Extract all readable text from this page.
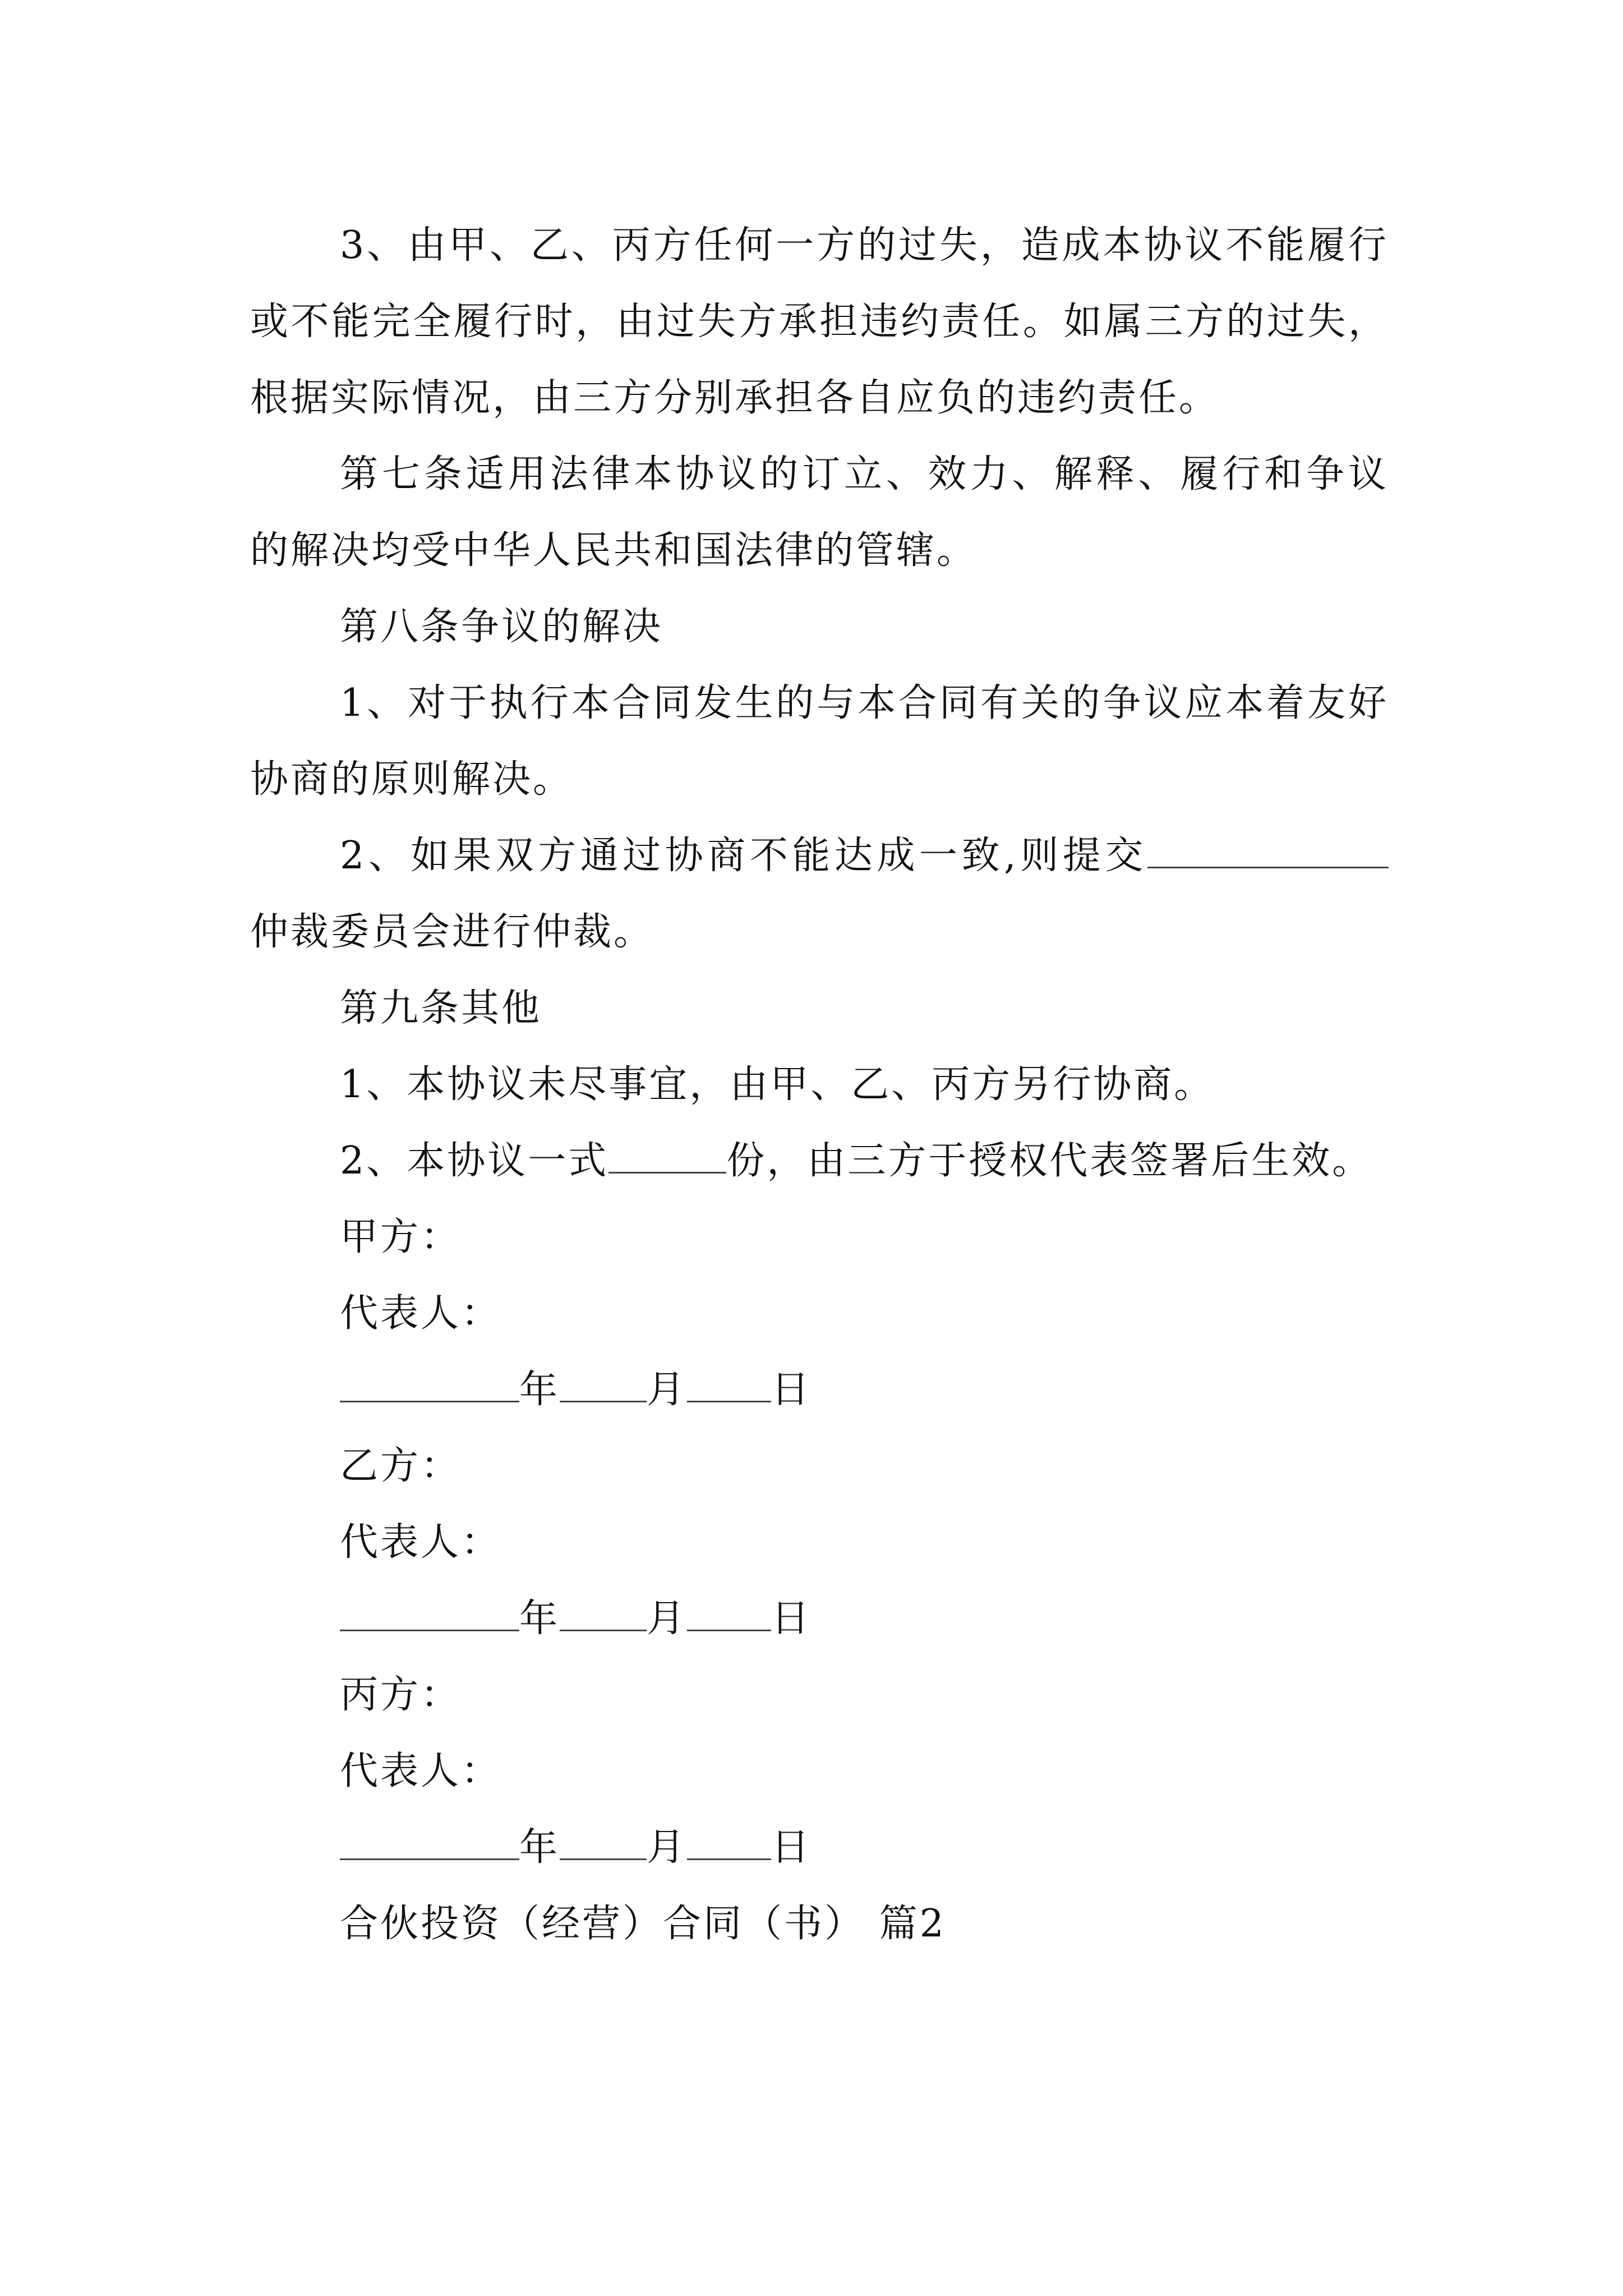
3、由甲、乙、丙方任何一方的过失，造成本协议不能履行或不能完全履行时，由过失方承担违约责任。如属三方的过失，根据实际情况，由三方分别承担各自应负的违约责任。

第七条适用法律本协议的订立、效力、解释、履行和争议的解决均受中华人民共和国法律的管辖。

第八条争议的解决

1、对于执行本合同发生的与本合同有关的争议应本着友好协商的原则解决。

2、如果双方通过协商不能达成一致,则提交仲裁委员会进行仲裁。

第九条其他

1、本协议未尽事宜，由甲、乙、丙方另行协商。

2、本协议一式	份，由三方于授权代表签署后生效。

甲方：

代表人：

年 月 日

乙方：

代表人：

年 月 日

丙方：

代表人：

年 月 日

合伙投资（经营）合同（书） 篇2
